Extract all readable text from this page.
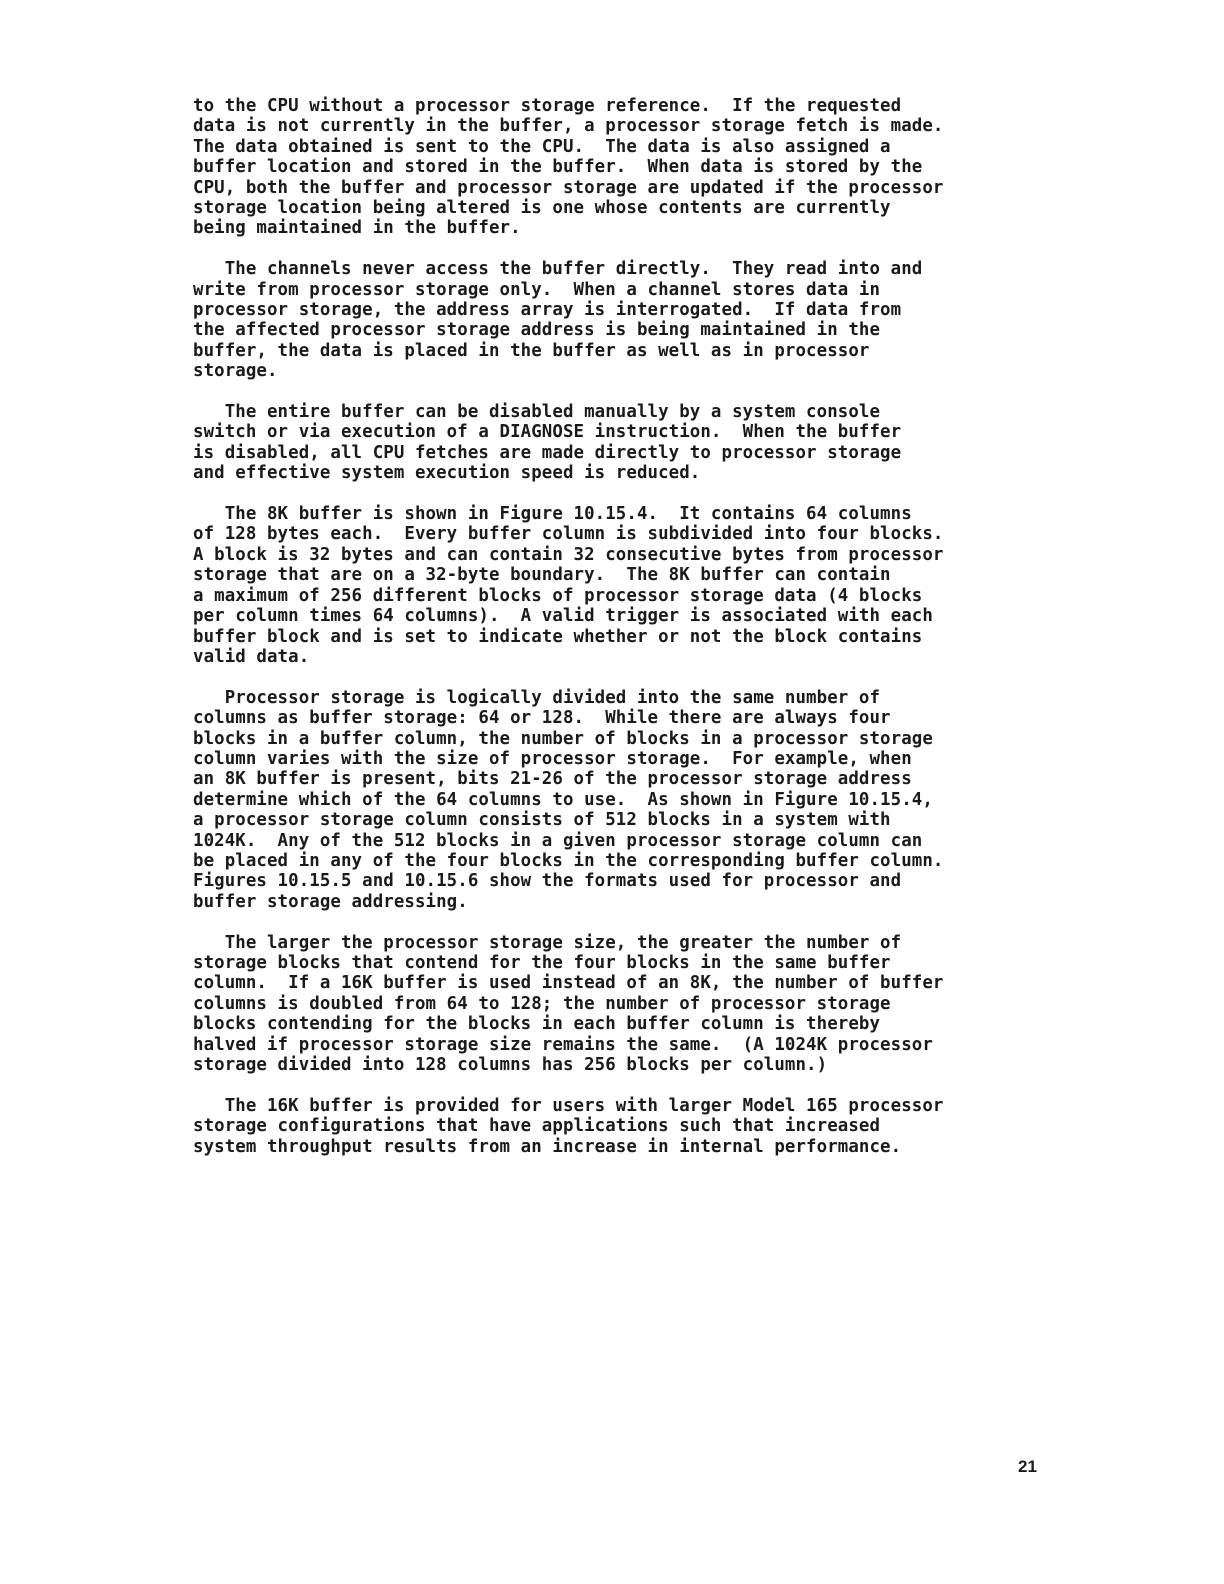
to the CPU without a processor storage reference.  If the requested
data is not currently in the buffer, a processor storage fetch is made.
The data obtained is sent to the CPU.  The data is also assigned a
buffer location and stored in the buffer.  When data is stored by the
CPU, both the buffer and processor storage are updated if the processor
storage location being altered is one whose contents are currently
being maintained in the buffer.
The channels never access the buffer directly.  They read into and
write from processor storage only.  When a channel stores data in
processor storage, the address array is interrogated.  If data from
the affected processor storage address is being maintained in the
buffer, the data is placed in the buffer as well as in processor
storage.
The entire buffer can be disabled manually by a system console
switch or via execution of a DIAGNOSE instruction.  When the buffer
is disabled, all CPU fetches are made directly to processor storage
and effective system execution speed is reduced.
The 8K buffer is shown in Figure 10.15.4.  It contains 64 columns
of 128 bytes each.  Every buffer column is subdivided into four blocks.
A block is 32 bytes and can contain 32 consecutive bytes from processor
storage that are on a 32-byte boundary.  The 8K buffer can contain
a maximum of 256 different blocks of processor storage data (4 blocks
per column times 64 columns).  A valid trigger is associated with each
buffer block and is set to indicate whether or not the block contains
valid data.
Processor storage is logically divided into the same number of
columns as buffer storage: 64 or 128.  While there are always four
blocks in a buffer column, the number of blocks in a processor storage
column varies with the size of processor storage.  For example, when
an 8K buffer is present, bits 21-26 of the processor storage address
determine which of the 64 columns to use.  As shown in Figure 10.15.4,
a processor storage column consists of 512 blocks in a system with
1024K.  Any of the 512 blocks in a given processor storage column can
be placed in any of the four blocks in the corresponding buffer column.
Figures 10.15.5 and 10.15.6 show the formats used for processor and
buffer storage addressing.
The larger the processor storage size, the greater the number of
storage blocks that contend for the four blocks in the same buffer
column.  If a 16K buffer is used instead of an 8K, the number of buffer
columns is doubled from 64 to 128; the number of processor storage
blocks contending for the blocks in each buffer column is thereby
halved if processor storage size remains the same.  (A 1024K processor
storage divided into 128 columns has 256 blocks per column.)
The 16K buffer is provided for users with larger Model 165 processor
storage configurations that have applications such that increased
system throughput results from an increase in internal performance.
21
